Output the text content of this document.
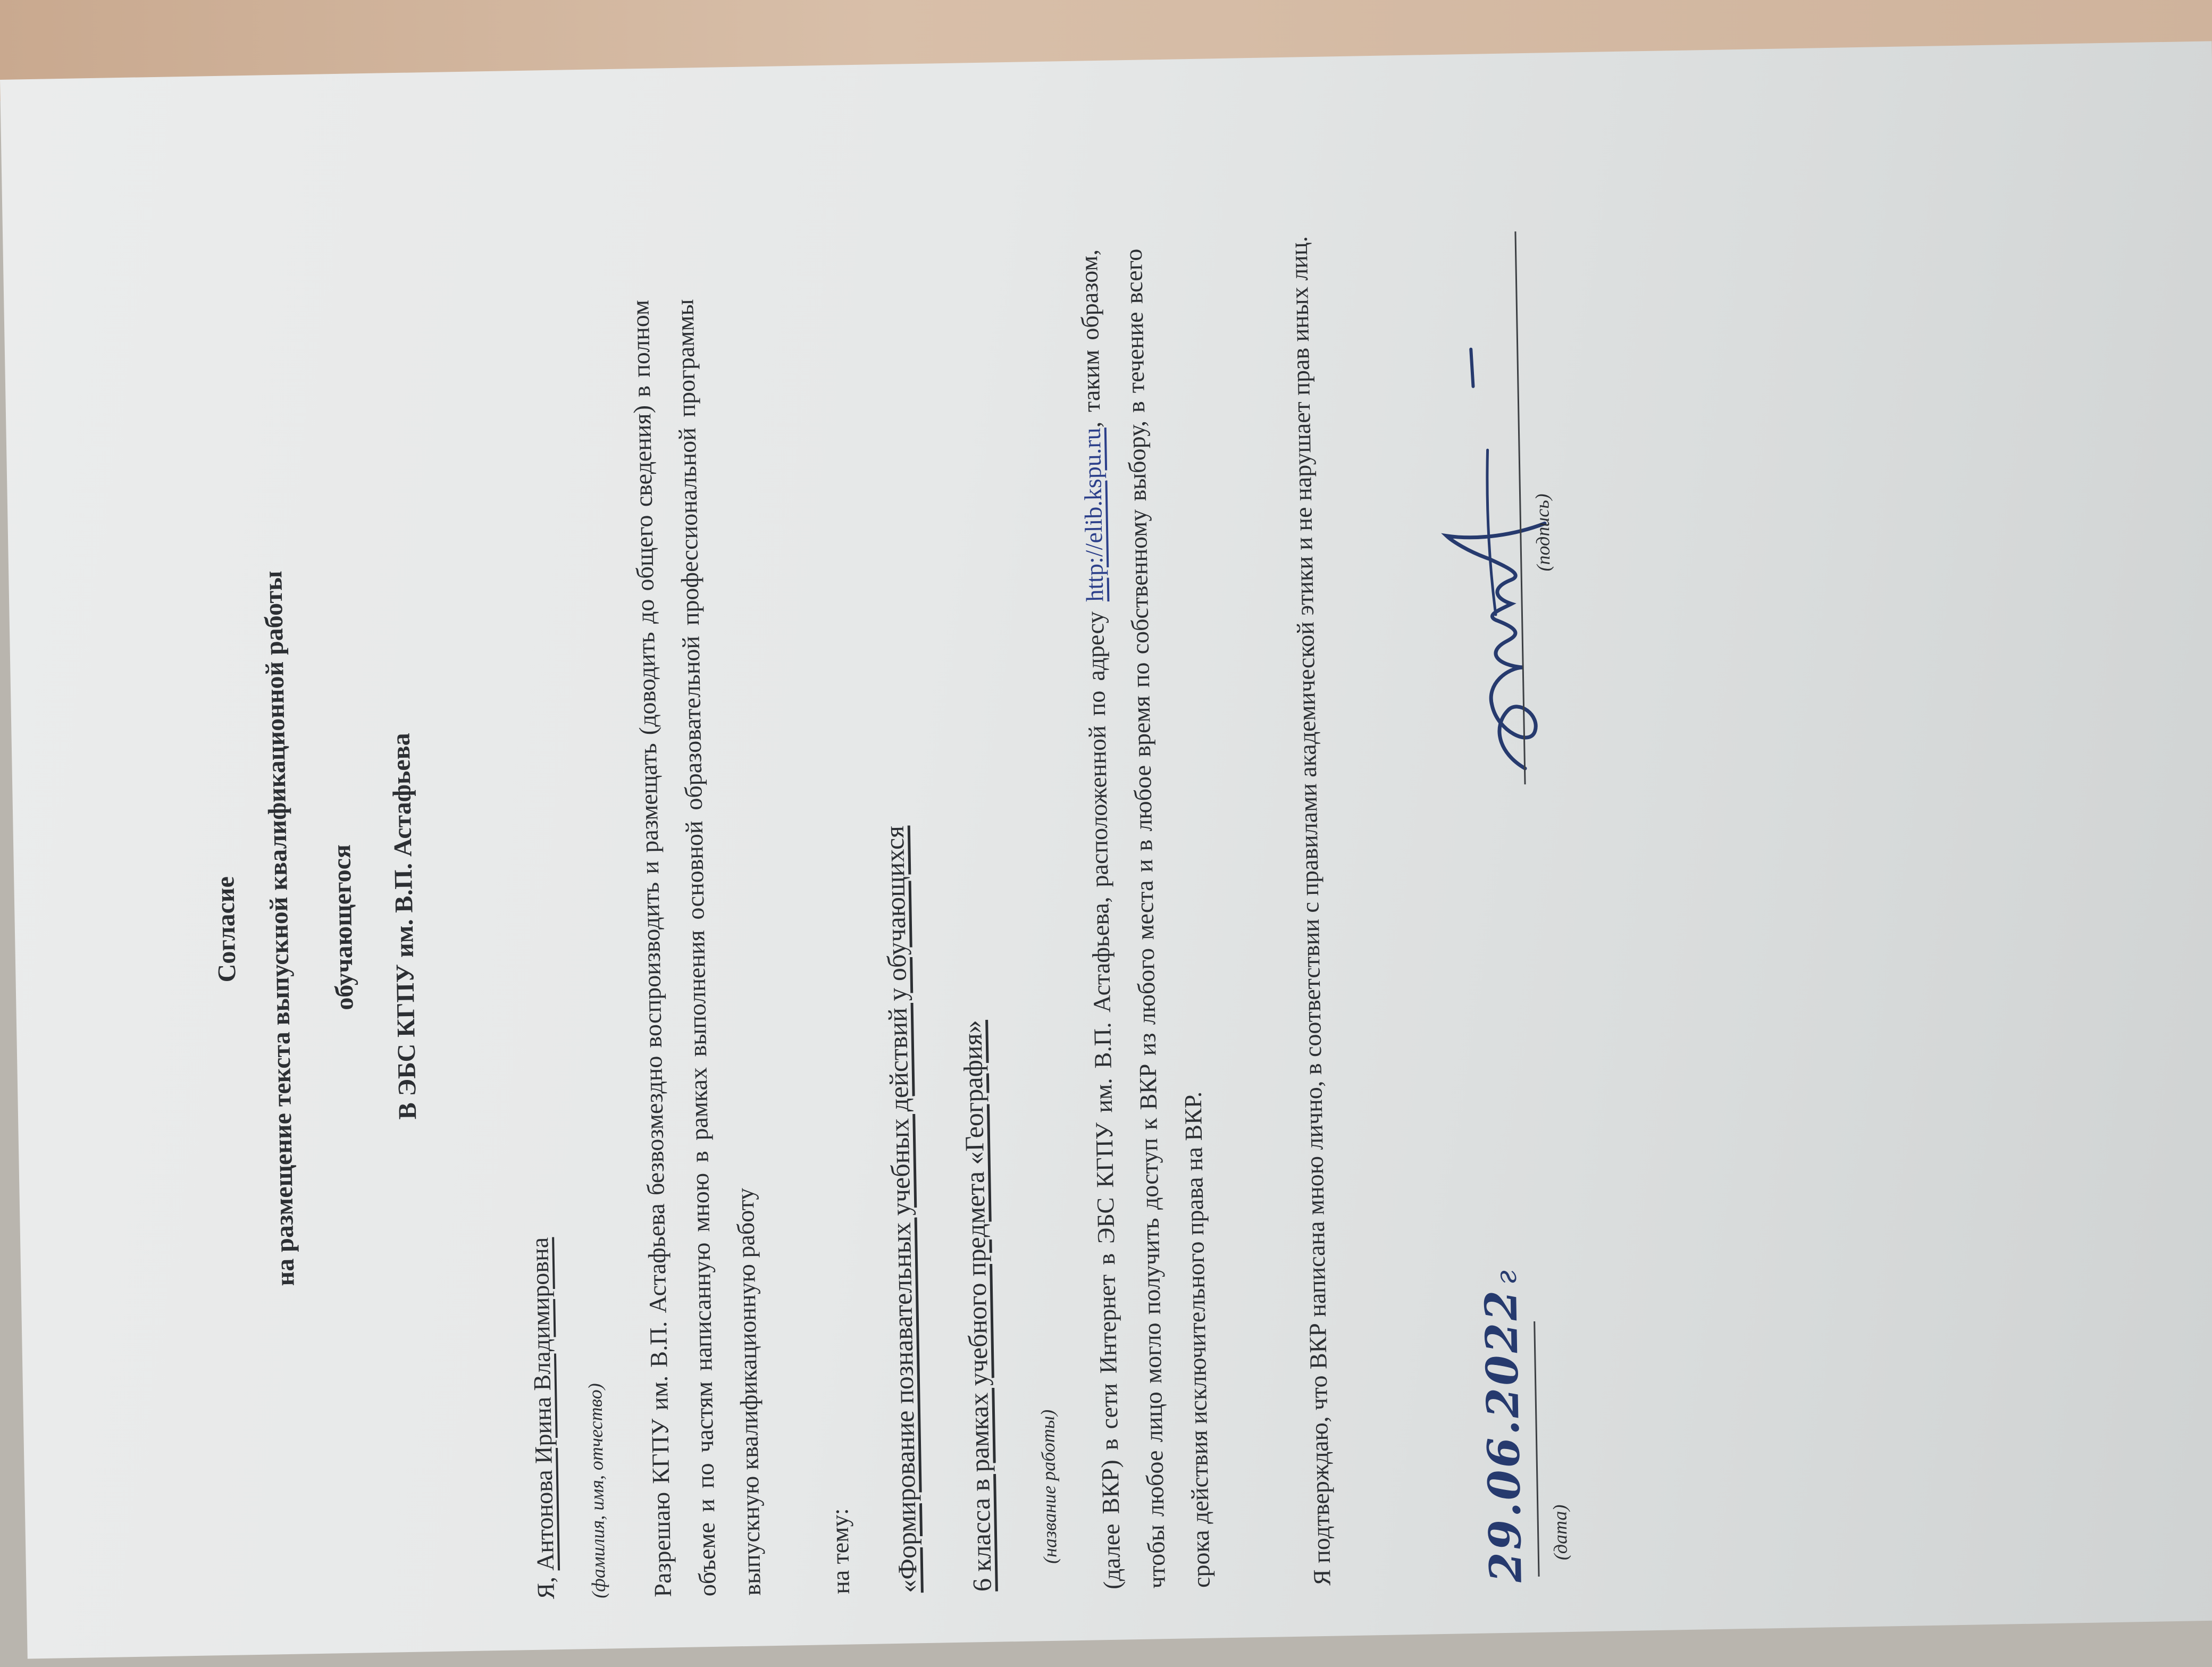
Согласие на размещение текста выпускной квалификационной работы	обучающегося	В ЭБС КГПУ им. В.П. Астафьева
Я, Антонова Ирина Владимировна	(фамилия, имя, отчество) Разрешаю КГПУ им. В.П. Астафьева безвозмездно воспроизводить и размещать (доводить до общего сведения) в полном объеме и по частям написанную мною в рамках выполнения основной образовательной профессиональной программы выпускную квалификационную работу	на тему: «Формирование познавательных учебных действий у обучающихся 6 класса в рамках учебного предмета «География»	(название работы) (далее ВКР) в сети Интернет в ЭБС КГПУ им. В.П. Астафьева, расположенной по адресу http://elib.kspu.ru, таким образом, чтобы любое лицо могло получить доступ к ВКР из любого места и в любое время по собственному выбору, в течение всего срока действия исключительного права на ВКР.	Я подтверждаю, что ВКР написана мною лично, в соответствии с правилами академической этики и не нарушает прав иных лиц.	29.06.2022г
(дата)
(подпись)
